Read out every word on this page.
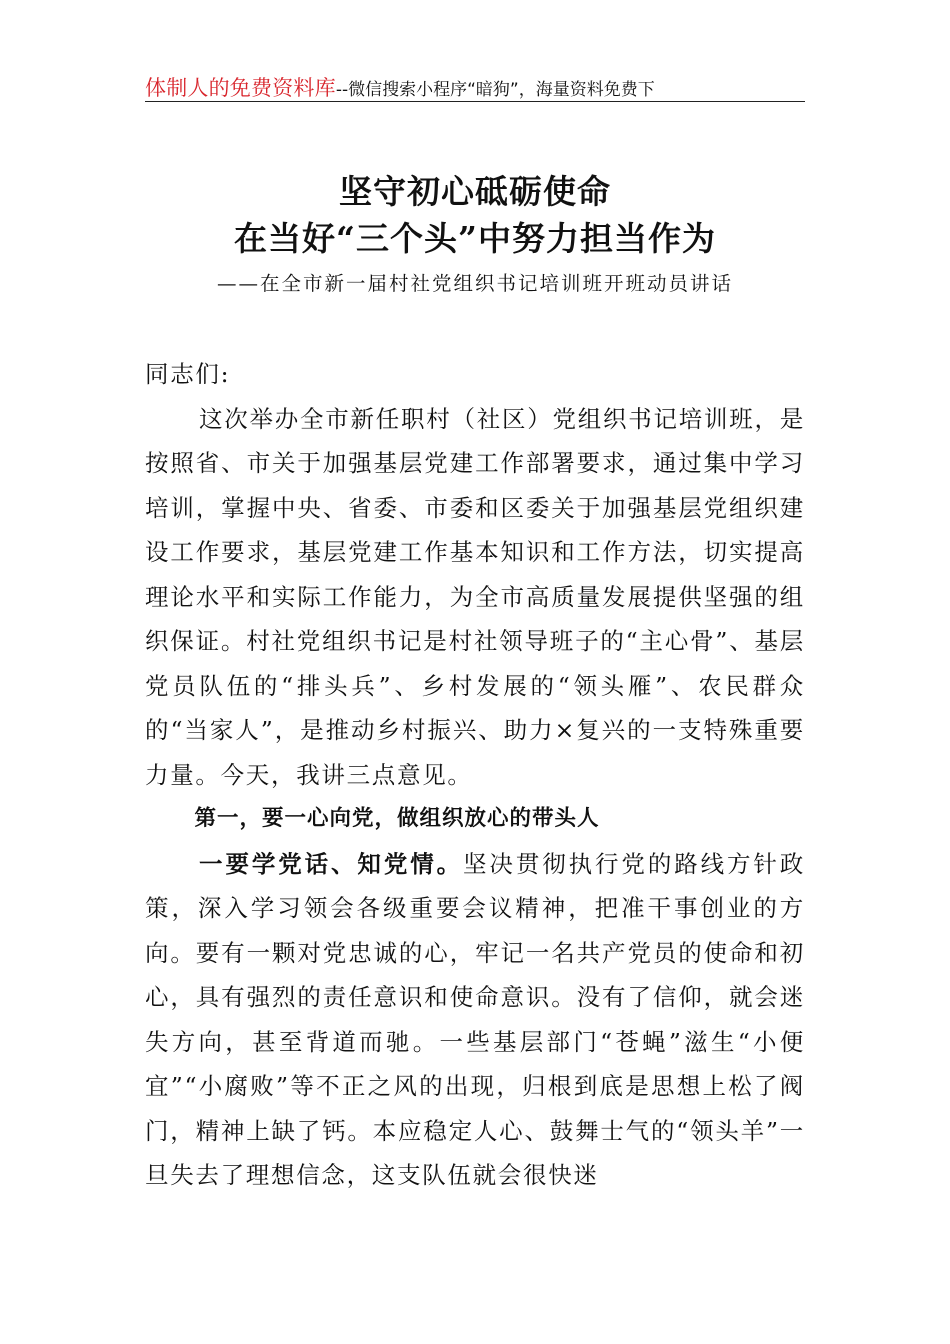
体制人的免费资料库--微信搜索小程序“暗狗”，海量资料免费下
坚守初心砥砺使命
在当好“三个头”中努力担当作为
——在全市新一届村社党组织书记培训班开班动员讲话

同志们:

这次举办全市新任职村（社区）党组织书记培训班，是按照省、市关于加强基层党建工作部署要求，通过集中学习培训，掌握中央、省委、市委和区委关于加强基层党组织建设工作要求，基层党建工作基本知识和工作方法，切实提高理论水平和实际工作能力，为全市高质量发展提供坚强的组织保证。村社党组织书记是村社领导班子的“主心骨”、基层党员队伍的“排头兵”、乡村发展的“领头雁”、农民群众的“当家人”，是推动乡村振兴、助力×复兴的一支特殊重要力量。今天，我讲三点意见。

第一，要一心向党，做组织放心的带头人

一要学党话、知党情。坚决贯彻执行党的路线方针政策，深入学习领会各级重要会议精神，把准干事创业的方向。要有一颗对党忠诚的心，牢记一名共产党员的使命和初心，具有强烈的责任意识和使命意识。没有了信仰，就会迷失方向，甚至背道而驰。一些基层部门“苍蝇”滋生“小便宜”“小腐败”等不正之风的出现，归根到底是思想上松了阀门，精神上缺了钙。本应稳定人心、鼓舞士气的“领头羊”一旦失去了理想信念，这支队伍就会很快迷
